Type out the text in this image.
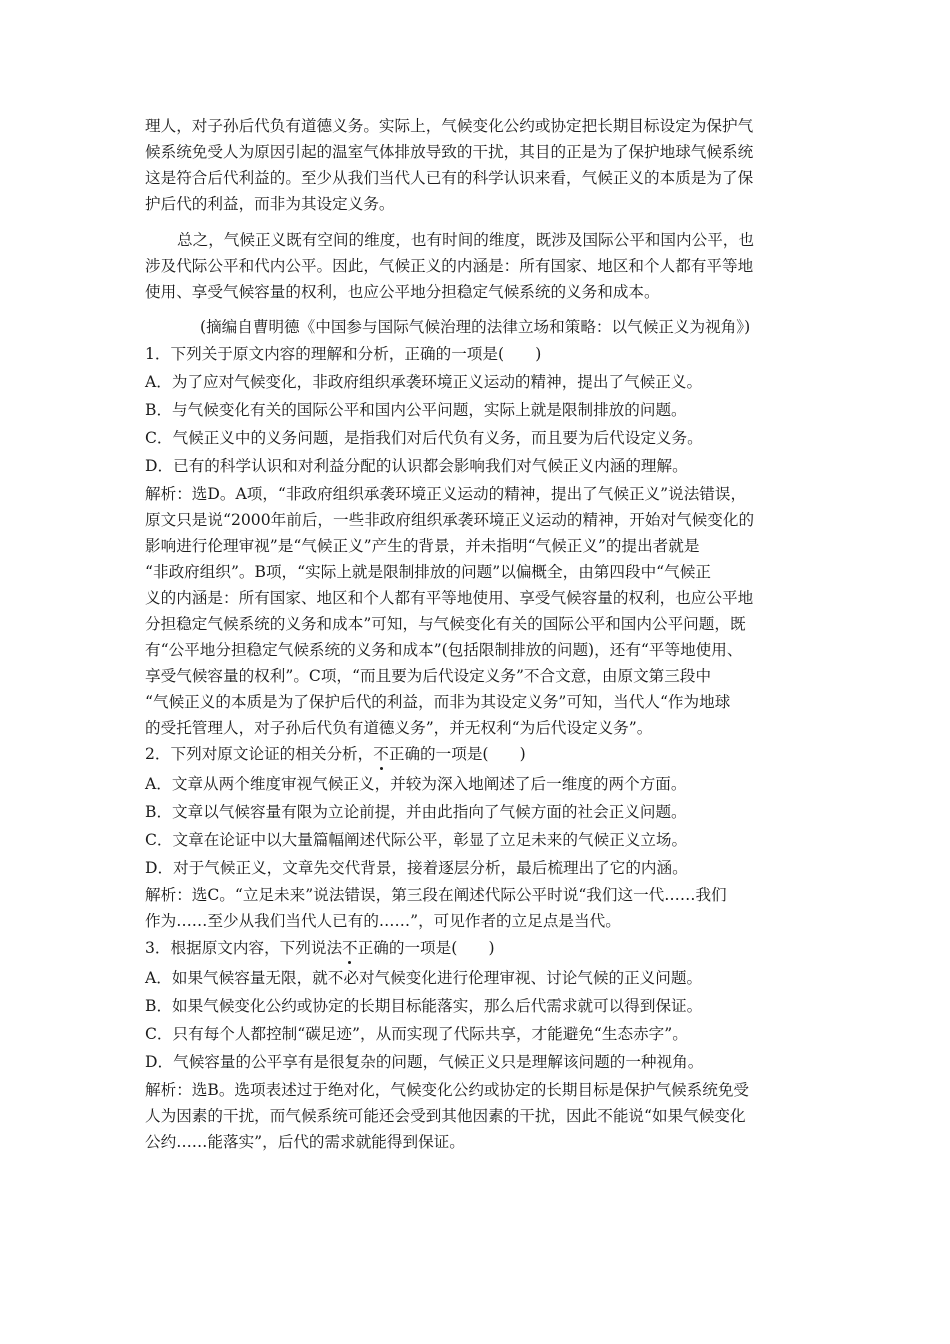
理人，对子孙后代负有道德义务。实际上，气候变化公约或协定把长期目标设定为保护气
候系统免受人为原因引起的温室气体排放导致的干扰，其目的正是为了保护地球气候系统
这是符合后代利益的。至少从我们当代人已有的科学认识来看，气候正义的本质是为了保
护后代的利益，而非为其设定义务。
总之，气候正义既有空间的维度，也有时间的维度，既涉及国际公平和国内公平，也
涉及代际公平和代内公平。因此，气候正义的内涵是：所有国家、地区和个人都有平等地
使用、享受气候容量的权利，也应公平地分担稳定气候系统的义务和成本。
(摘编自曹明德《中国参与国际气候治理的法律立场和策略：以气候正义为视角》)
1．下列关于原文内容的理解和分析，正确的一项是(　　)
A．为了应对气候变化，非政府组织承袭环境正义运动的精神，提出了气候正义。
B．与气候变化有关的国际公平和国内公平问题，实际上就是限制排放的问题。
C．气候正义中的义务问题，是指我们对后代负有义务，而且要为后代设定义务。
D．已有的科学认识和对利益分配的认识都会影响我们对气候正义内涵的理解。
解析：选D。A项，“非政府组织承袭环境正义运动的精神，提出了气候正义”说法错误，
原文只是说“2000年前后，一些非政府组织承袭环境正义运动的精神，开始对气候变化的
影响进行伦理审视”是“气候正义”产生的背景，并未指明“气候正义”的提出者就是
“非政府组织”。B项，“实际上就是限制排放的问题”以偏概全，由第四段中“气候正
义的内涵是：所有国家、地区和个人都有平等地使用、享受气候容量的权利，也应公平地
分担稳定气候系统的义务和成本”可知，与气候变化有关的国际公平和国内公平问题，既
有“公平地分担稳定气候系统的义务和成本”(包括限制排放的问题)，还有“平等地使用、
享受气候容量的权利”。C项，“而且要为后代设定义务”不合文意，由原文第三段中
“气候正义的本质是为了保护后代的利益，而非为其设定义务”可知，当代人“作为地球
的受托管理人，对子孙后代负有道德义务”，并无权利“为后代设定义务”。
2．下列对原文论证的相关分析，不正确的一项是(　　)
A．文章从两个维度审视气候正义，并较为深入地阐述了后一维度的两个方面。
B．文章以气候容量有限为立论前提，并由此指向了气候方面的社会正义问题。
C．文章在论证中以大量篇幅阐述代际公平，彰显了立足未来的气候正义立场。
D．对于气候正义，文章先交代背景，接着逐层分析，最后梳理出了它的内涵。
解析：选C。“立足未来”说法错误，第三段在阐述代际公平时说“我们这一代……我们
作为……至少从我们当代人已有的……”，可见作者的立足点是当代。
3．根据原文内容，下列说法不正确的一项是(　　)
A．如果气候容量无限，就不必对气候变化进行伦理审视、讨论气候的正义问题。
B．如果气候变化公约或协定的长期目标能落实，那么后代需求就可以得到保证。
C．只有每个人都控制“碳足迹”，从而实现了代际共享，才能避免“生态赤字”。
D．气候容量的公平享有是很复杂的问题，气候正义只是理解该问题的一种视角。
解析：选B。选项表述过于绝对化，气候变化公约或协定的长期目标是保护气候系统免受
人为因素的干扰，而气候系统可能还会受到其他因素的干扰，因此不能说“如果气候变化
公约……能落实”，后代的需求就能得到保证。
